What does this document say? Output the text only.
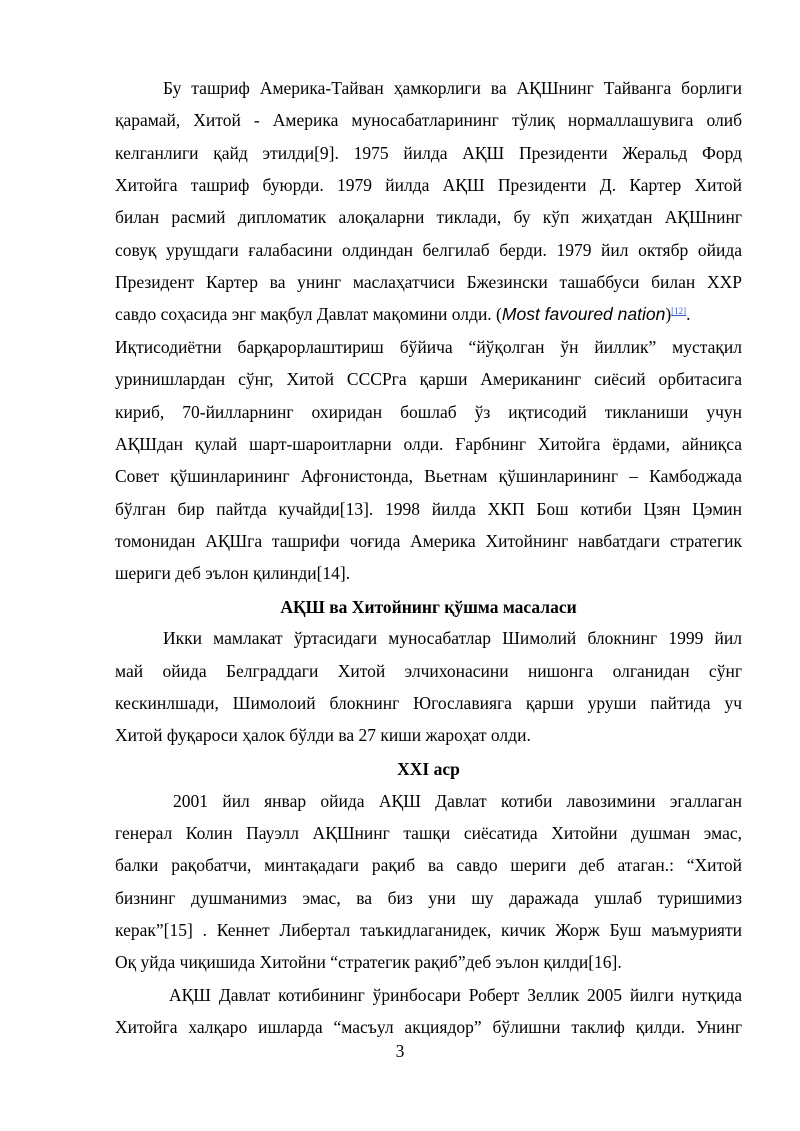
Бу ташриф Америка-Тайван ҳамкорлиги ва АҚШнинг Тайванга борлиги
қарамай, Хитой - Америка муносабатларининг тўлиқ нормаллашувига олиб
келганлиги қайд этилди[9]. 1975 йилда АҚШ Президенти Жеральд Форд
Хитойга ташриф буюрди. 1979 йилда АҚШ Президенти Д. Картер Хитой
билан расмий дипломатик алоқаларни тиклади, бу кўп жиҳатдан АҚШнинг
совуқ урушдаги ғалабасини олдиндан белгилаб берди. 1979 йил октябр ойида
Президент Картер ва унинг маслаҳатчиси Бжезински ташаббуси билан ХХР
савдо соҳасида энг мақбул Давлат мақомини олди. (Most favoured nation)[12].
Иқтисодиётни барқарорлаштириш бўйича “йўқолган ўн йиллик” мустақил
уринишлардан сўнг, Хитой СССРга қарши Американинг сиёсий орбитасига
кириб, 70-йилларнинг охиридан бошлаб ўз иқтисодий тикланиши учун
АҚШдан қулай шарт-шароитларни олди. Ғарбнинг Хитойга ёрдами, айниқса
Совет қўшинларининг Афғонистонда, Вьетнам қўшинларининг – Камбоджада
бўлган бир пайтда кучайди[13]. 1998 йилда ХКП Бош котиби Цзян Цэмин
томонидан АҚШга ташрифи чоғида Америка Хитойнинг навбатдаги стратегик
шериги деб эълон қилинди[14].
АҚШ ва Хитойнинг қўшма масаласи
Икки мамлакат ўртасидаги муносабатлар Шимолий блокнинг 1999 йил
май ойида Белграддаги Хитой элчихонасини нишонга олганидан сўнг
кескинлшади, Шимолоий блокнинг Югославияга қарши уруши пайтида уч
Хитой фуқароси ҳалок бўлди ва 27 киши жароҳат олди.
XXI аср
2001 йил январ ойида АҚШ Давлат котиби лавозимини эгаллаган
генерал Колин Пауэлл АҚШнинг ташқи сиёсатида Хитойни душман эмас,
балки рақобатчи, минтақадаги рақиб ва савдо шериги деб атаган.: “Хитой
бизнинг душманимиз эмас, ва биз уни шу даражада ушлаб туришимиз
керак”[15] . Кеннет Либертал таъкидлаганидек, кичик Жорж Буш маъмурияти
Оқ уйда чиқишида Хитойни “стратегик рақиб”деб эълон қилди[16].
АҚШ Давлат котибининг ўринбосари Роберт Зеллик 2005 йилги нутқида
Хитойга халқаро ишларда “масъул акциядор” бўлишни таклиф қилди. Унинг
3
